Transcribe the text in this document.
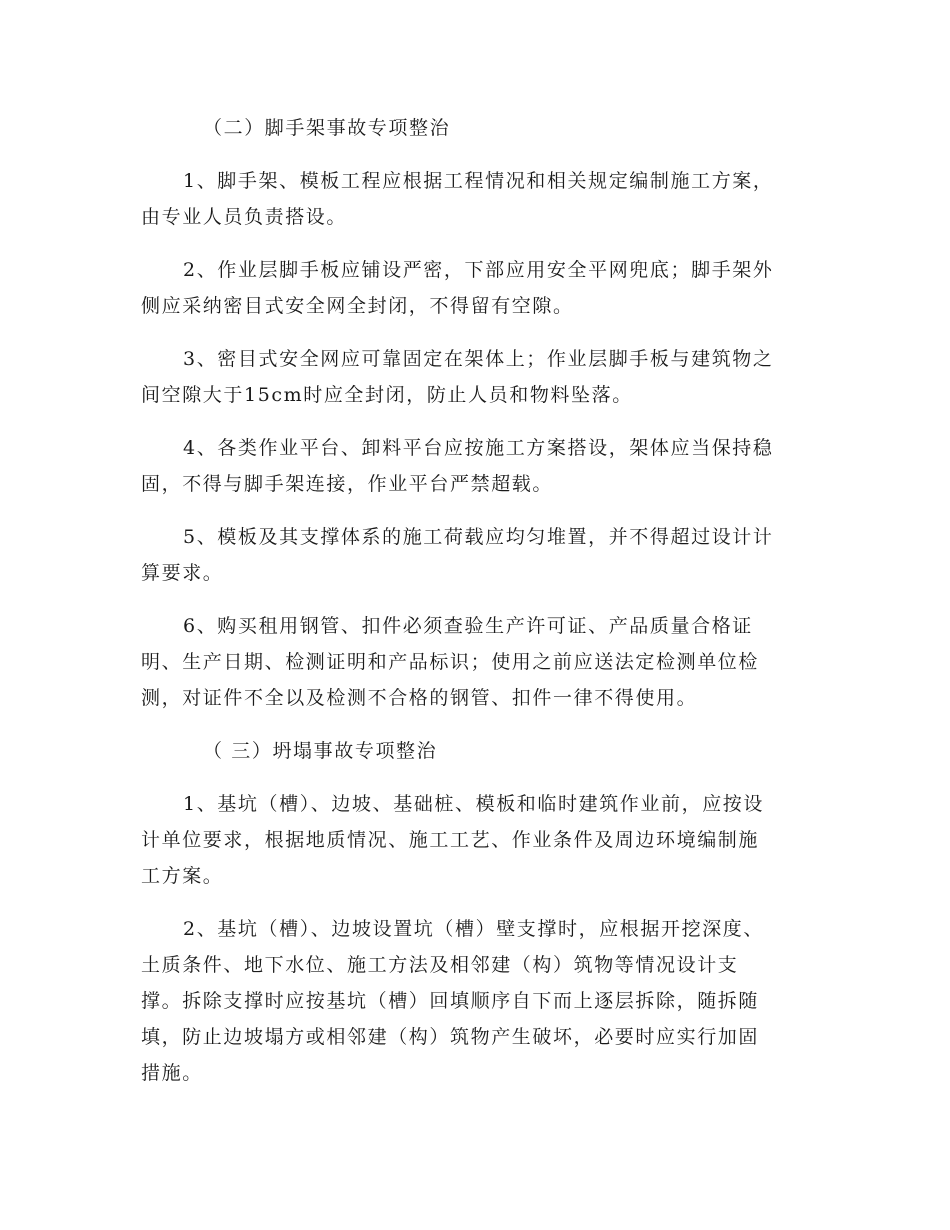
（二）脚手架事故专项整治
1、脚手架、模板工程应根据工程情况和相关规定编制施工方案，
由专业人员负责搭设。
2、作业层脚手板应铺设严密，下部应用安全平网兜底；脚手架外
侧应采纳密目式安全网全封闭，不得留有空隙。
3、密目式安全网应可靠固定在架体上；作业层脚手板与建筑物之
间空隙大于15cm时应全封闭，防止人员和物料坠落。
4、各类作业平台、卸料平台应按施工方案搭设，架体应当保持稳
固，不得与脚手架连接，作业平台严禁超载。
5、模板及其支撑体系的施工荷载应均匀堆置，并不得超过设计计
算要求。
6、购买租用钢管、扣件必须查验生产许可证、产品质量合格证
明、生产日期、检测证明和产品标识；使用之前应送法定检测单位检
测，对证件不全以及检测不合格的钢管、扣件一律不得使用。
（ 三）坍塌事故专项整治
1、基坑（槽）、边坡、基础桩、模板和临时建筑作业前，应按设
计单位要求，根据地质情况、施工工艺、作业条件及周边环境编制施
工方案。
2、基坑（槽）、边坡设置坑（槽）壁支撑时，应根据开挖深度、
土质条件、地下水位、施工方法及相邻建（构）筑物等情况设计支
撑。拆除支撑时应按基坑（槽）回填顺序自下而上逐层拆除，随拆随
填，防止边坡塌方或相邻建（构）筑物产生破坏，必要时应实行加固
措施。
